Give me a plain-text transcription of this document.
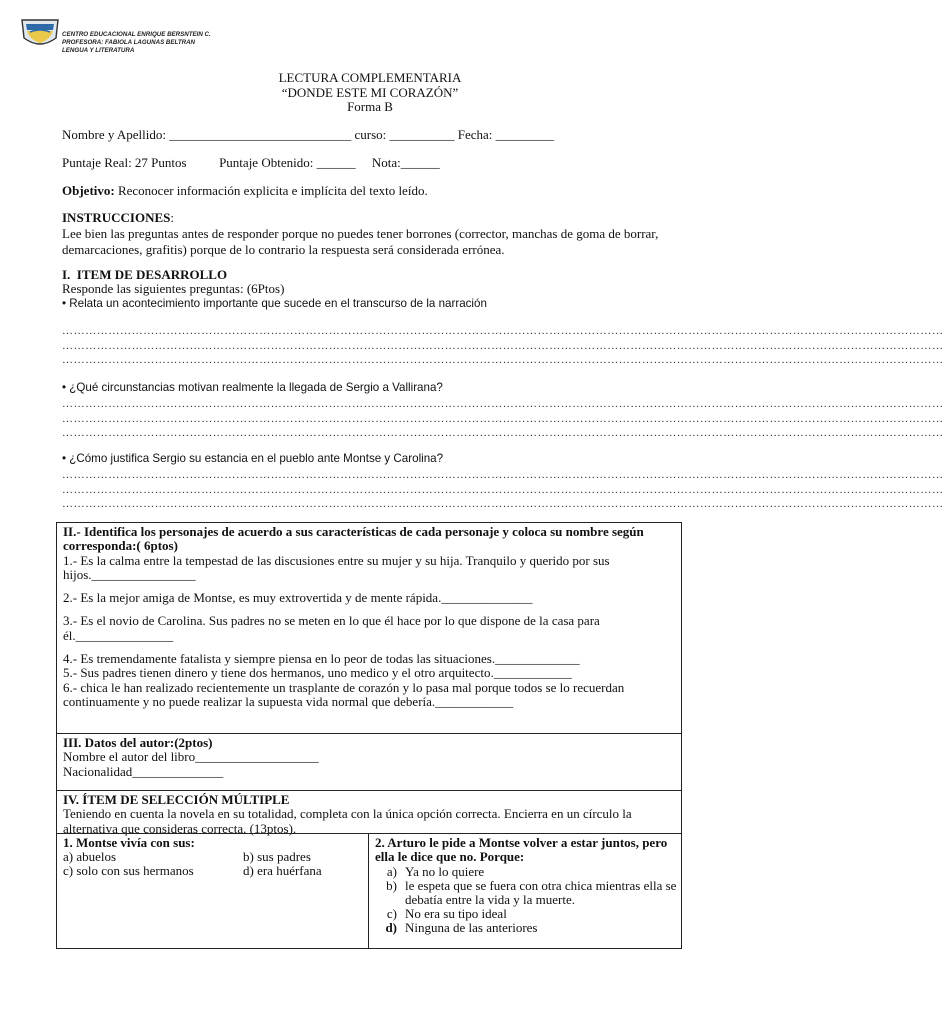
CENTRO EDUCACIONAL ENRIQUE BERSNTEIN C.
PROFESORA: FABIOLA LAGUNAS BELTRAN
LENGUA Y LITERATURA
LECTURA COMPLEMENTARIA
“DONDE ESTE MI CORAZÓN”
Forma B
Nombre y Apellido: ____________________________ curso: __________ Fecha: _________
Puntaje Real: 27 Puntos          Puntaje Obtenido: ______     Nota:______
Objetivo: Reconocer información explicita e implícita del texto leído.
INSTRUCCIONES:
Lee bien las preguntas antes de responder porque no puedes tener borrones (corrector, manchas de goma de borrar, demarcaciones, grafitis) porque de lo contrario la respuesta será considerada errónea.
I.  ITEM DE DESARROLLO
Responde las siguientes preguntas: (6Ptos)
• Relata un acontecimiento importante que sucede en el transcurso de la narración
…………………………………………………………………………………………………………………………………………………………………………………………………………
…………………………………………………………………………………………………………………………………………………………………………………………………………
…………………………………………………………………………………………………………………………………………………………………………………………………………
• ¿Qué circunstancias motivan realmente la llegada de Sergio a Vallirana?
…………………………………………………………………………………………………………………………………………………………………………………………………………
…………………………………………………………………………………………………………………………………………………………………………………………………………
…………………………………………………………………………………………………………………………………………………………………………………………………………
• ¿Cómo justifica Sergio su estancia en el pueblo ante Montse y Carolina?
…………………………………………………………………………………………………………………………………………………………………………………………………………
…………………………………………………………………………………………………………………………………………………………………………………………………………
…………………………………………………………………………………………………………………………………………………………………………………………………………
II.- Identifica los personajes de acuerdo a sus características de cada personaje y coloca su nombre según corresponda:( 6ptos)
1.- Es la calma entre la tempestad de las discusiones entre su mujer y su hija. Tranquilo y querido por sus hijos.________________
2.- Es la mejor amiga de Montse, es muy extrovertida y de mente rápida.______________
3.- Es el novio de Carolina. Sus padres no se meten en lo que él hace por lo que dispone de la casa para él._______________
4.- Es tremendamente fatalista y siempre piensa en lo peor de todas las situaciones._____________
5.- Sus padres tienen dinero y tiene dos hermanos, uno medico y el otro arquitecto.____________
6.- chica le han realizado recientemente un trasplante de corazón y lo pasa mal porque todos se lo recuerdan continuamente y no puede realizar la supuesta vida normal que debería.____________
III. Datos del autor:(2ptos)
Nombre el autor del libro___________________
Nacionalidad______________
IV. ÍTEM DE SELECCIÓN MÚLTIPLE
Teniendo en cuenta la novela en su totalidad, completa con la única opción correcta. Encierra en un círculo la alternativa que consideras correcta. (13ptos).
1. Montse vivía con sus:
a) abuelos	b) sus padres
c) solo con sus hermanos	d) era huérfana
2. Arturo le pide a Montse volver a estar juntos, pero ella le dice que no. Porque:
a) Ya no lo quiere
b) le espeta que se fuera con otra chica mientras ella se debatía entre la vida y la muerte.
c) No era su tipo ideal
d) Ninguna de las anteriores
